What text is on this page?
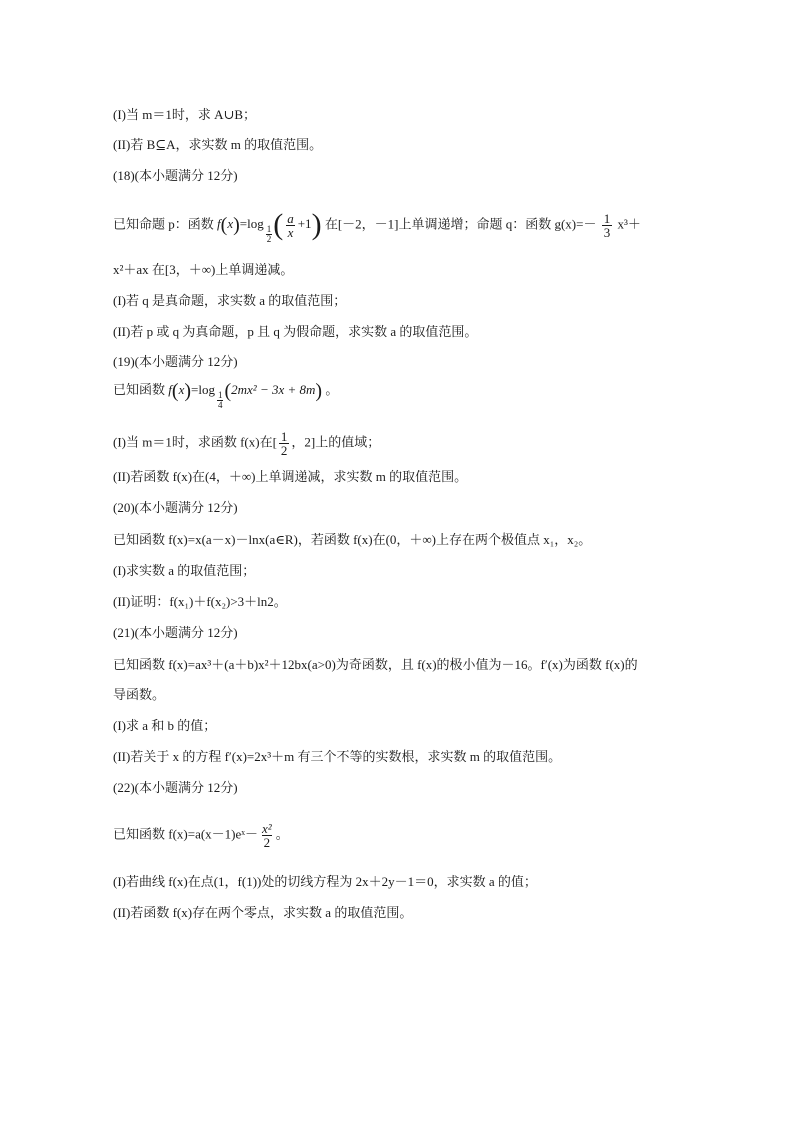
(I)当 m＝1时，求 A∪B；
(II)若 B⊆A，求实数 m 的取值范围。
(18)(本小题满分 12分)
已知命题 p：函数 f(x)=log
$\frac{1}{2}$ ( $\frac{a}{x} +1$) 在[－2，－1]上单调递增；命题 q：函数 $g(x)=- \frac{1}{3} x^3+$
x²＋ax 在[3，＋∞)上单调递减。
(I)若 q 是真命题，求实数 a 的取值范围；
(II)若 p 或 q 为真命题，p 且 q 为假命题，求实数 a 的取值范围。
(19)(本小题满分 12分)
已知函数 f(x)=log
$\frac{1}{4} (2mx^2 - 3x + 8m)$ 。
(I)当 m＝1时，求函数 f(x)在[ $\frac{1}{2}$ ，2]上的值域；
(II)若函数 f(x)在(4，＋∞)上单调递减，求实数 m 的取值范围。
(20)(本小题满分 12分)
已知函数 f(x)=x(a－x)－lnx(a∈R)，若函数 f(x)在(0，＋∞)上存在两个极值点 x₁，x₂。
(I)求实数 a 的取值范围；
(II)证明：f(x₁)＋f(x₂)>3＋ln2。
(21)(本小题满分 12分)
已知函数 f(x)=ax³＋(a＋b)x²＋12bx(a>0)为奇函数，且 f(x)的极小值为－16。f′(x)为函数 f(x)的
导函数。
(I)求 a 和 b 的值；
(II)若关于 x 的方程 f′(x)=2x³＋m 有三个不等的实数根，求实数 m 的取值范围。
(22)(本小题满分 12分)
已知函数 f(x)=a(x－1)eˣ－ $\frac{\text{x²}}{2}$ 。
(I)若曲线 f(x)在点(1，f(1))处的切线方程为 2x＋2y－1＝0，求实数 a 的值；
(II)若函数 f(x)存在两个零点，求实数 a 的取值范围。
